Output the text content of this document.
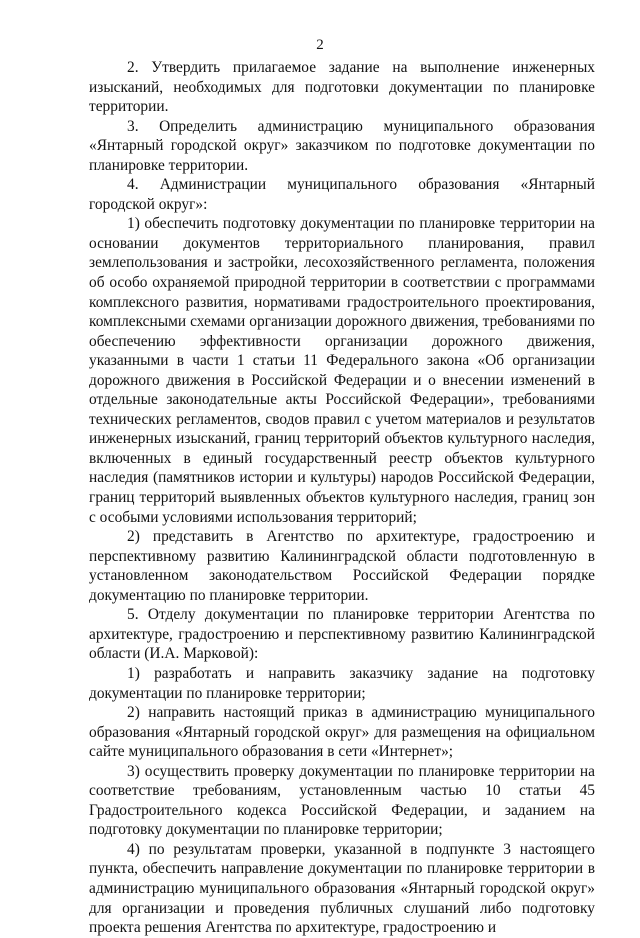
2

2. Утвердить прилагаемое задание на выполнение инженерных изысканий, необходимых для подготовки документации по планировке территории.

3. Определить администрацию муниципального образования «Янтарный городской округ» заказчиком по подготовке документации по планировке территории.

4. Администрации муниципального образования «Янтарный городской округ»:

1) обеспечить подготовку документации по планировке территории на основании документов территориального планирования, правил землепользования и застройки, лесохозяйственного регламента, положения об особо охраняемой природной территории в соответствии с программами комплексного развития, нормативами градостроительного проектирования, комплексными схемами организации дорожного движения, требованиями по обеспечению эффективности организации дорожного движения, указанными в части 1 статьи 11 Федерального закона «Об организации дорожного движения в Российской Федерации и о внесении изменений в отдельные законодательные акты Российской Федерации», требованиями технических регламентов, сводов правил с учетом материалов и результатов инженерных изысканий, границ территорий объектов культурного наследия, включенных в единый государственный реестр объектов культурного наследия (памятников истории и культуры) народов Российской Федерации, границ территорий выявленных объектов культурного наследия, границ зон с особыми условиями использования территорий;

2) представить в Агентство по архитектуре, градостроению и перспективному развитию Калининградской области подготовленную в установленном законодательством Российской Федерации порядке документацию по планировке территории.

5. Отделу документации по планировке территории Агентства по архитектуре, градостроению и перспективному развитию Калининградской области (И.А. Марковой):

1) разработать и направить заказчику задание на подготовку документации по планировке территории;

2) направить настоящий приказ в администрацию муниципального образования «Янтарный городской округ» для размещения на официальном сайте муниципального образования в сети «Интернет»;

3) осуществить проверку документации по планировке территории на соответствие требованиям, установленным частью 10 статьи 45 Градостроительного кодекса Российской Федерации, и заданием на подготовку документации по планировке территории;

4) по результатам проверки, указанной в подпункте 3 настоящего пункта, обеспечить направление документации по планировке территории в администрацию муниципального образования «Янтарный городской округ» для организации и проведения публичных слушаний либо подготовку проекта решения Агентства по архитектуре, градостроению и
